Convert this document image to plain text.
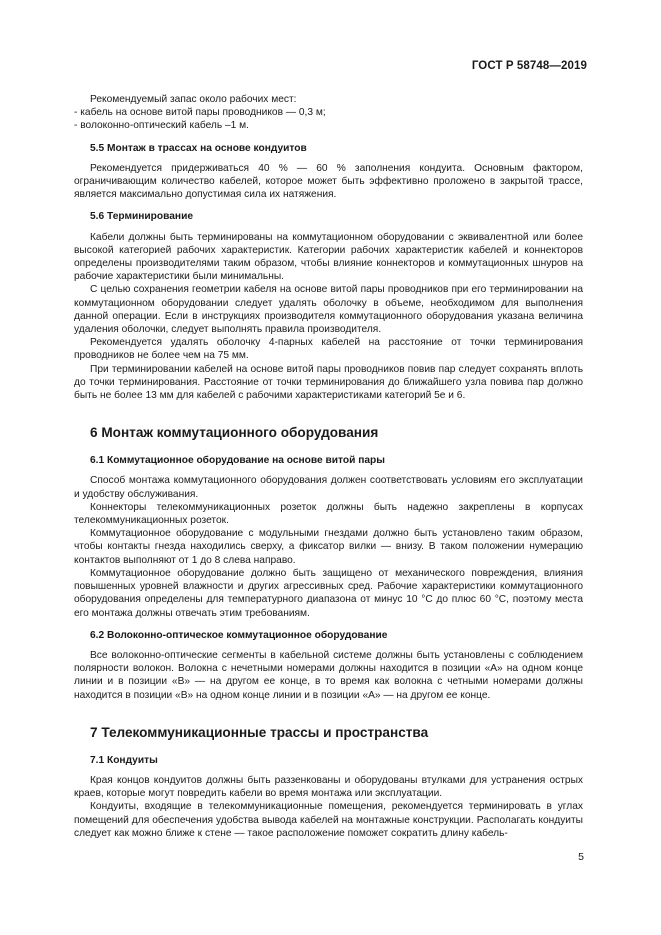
ГОСТ Р 58748—2019

Рекомендуемый запас около рабочих мест:

- кабель на основе витой пары проводников — 0,3 м;

- волоконно-оптический кабель –1 м.

5.5 Монтаж в трассах на основе кондуитов

Рекомендуется придерживаться 40 % — 60 % заполнения кондуита. Основным фактором, ограничивающим количество кабелей, которое может быть эффективно проложено в закрытой трассе, является максимально допустимая сила их натяжения.

5.6 Терминирование

Кабели должны быть терминированы на коммутационном оборудовании с эквивалентной или более высокой категорией рабочих характеристик. Категории рабочих характеристик кабелей и коннекторов определены производителями таким образом, чтобы влияние коннекторов и коммутационных шнуров на рабочие характеристики были минимальны.

С целью сохранения геометрии кабеля на основе витой пары проводников при его терминировании на коммутационном оборудовании следует удалять оболочку в объеме, необходимом для выполнения данной операции. Если в инструкциях производителя коммутационного оборудования указана величина удаления оболочки, следует выполнять правила производителя.

Рекомендуется удалять оболочку 4-парных кабелей на расстояние от точки терминирования проводников не более чем на 75 мм.

При терминировании кабелей на основе витой пары проводников повив пар следует сохранять вплоть до точки терминирования. Расстояние от точки терминирования до ближайшего узла повива пар должно быть не более 13 мм для кабелей с рабочими характеристиками категорий 5е и 6.

6 Монтаж коммутационного оборудования

6.1 Коммутационное оборудование на основе витой пары

Способ монтажа коммутационного оборудования должен соответствовать условиям его эксплуатации и удобству обслуживания.

Коннекторы телекоммуникационных розеток должны быть надежно закреплены в корпусах телекоммуникационных розеток.

Коммутационное оборудование с модульными гнездами должно быть установлено таким образом, чтобы контакты гнезда находились сверху, а фиксатор вилки — внизу. В таком положении нумерацию контактов выполняют от 1 до 8 слева направо.

Коммутационное оборудование должно быть защищено от механического повреждения, влияния повышенных уровней влажности и других агрессивных сред. Рабочие характеристики коммутационного оборудования определены для температурного диапазона от минус 10 °С до плюс 60 °С, поэтому места его монтажа должны отвечать этим требованиям.

6.2 Волоконно-оптическое коммутационное оборудование

Все волоконно-оптические сегменты в кабельной системе должны быть установлены с соблюдением полярности волокон. Волокна с нечетными номерами должны находится в позиции «А» на одном конце линии и в позиции «В» — на другом ее конце, в то время как волокна с четными номерами должны находится в позиции «В» на одном конце линии и в позиции «А» — на другом ее конце.

7 Телекоммуникационные трассы и пространства

7.1 Кондуиты

Края концов кондуитов должны быть раззенкованы и оборудованы втулками для устранения острых краев, которые могут повредить кабели во время монтажа или эксплуатации.

Кондуиты, входящие в телекоммуникационные помещения, рекомендуется терминировать в углах помещений для обеспечения удобства вывода кабелей на монтажные конструкции. Располагать кондуиты следует как можно ближе к стене — такое расположение поможет сократить длину кабель-

5
